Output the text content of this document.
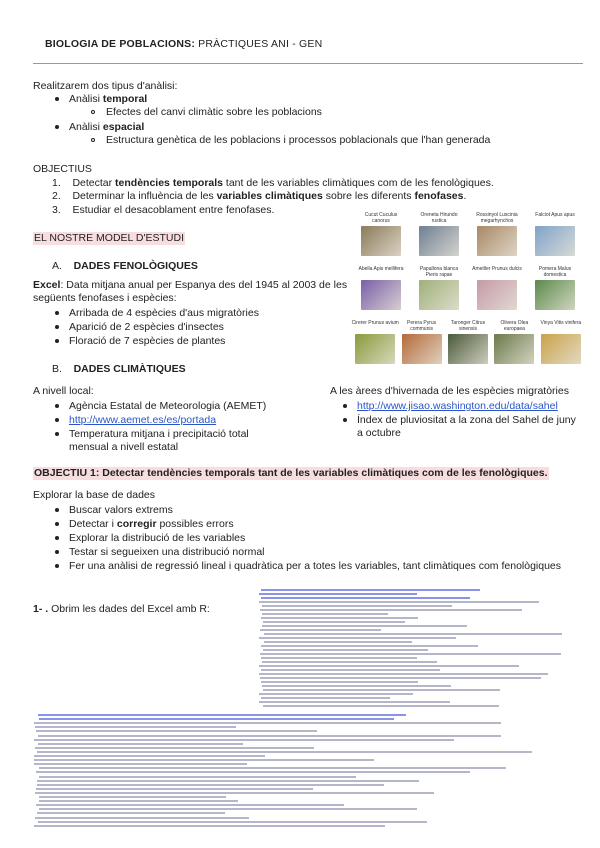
BIOLOGIA DE POBLACIONS: PRÀCTIQUES ANI - GEN
Realitzarem dos tipus d'anàlisi:
Anàlisi temporal
Efectes del canvi climàtic sobre les poblacions
Anàlisi espacial
Estructura genètica de les poblacions i processos poblacionals que l'han generada
OBJECTIUS
1. Detectar tendències temporals tant de les variables climàtiques com de les fenològiques.
2. Determinar la influència de les variables climàtiques sobre les diferents fenofases.
3. Estudiar el desacoblament entre fenofases.
EL NOSTRE MODEL D'ESTUDI
A. DADES FENOLÒGIQUES
Excel: Data mitjana anual per Espanya des del 1945 al 2003 de les
següents fenofases i espècies:
Arribada de 4 espècies d'aus migratòries
Aparició de 2 espècies d'insectes
Floració de 7 espècies de plantes
B. DADES CLIMÀTIQUES
A nivell local:
Agència Estatal de Meteorologia (AEMET)
http://www.aemet.es/es/portada
Temperatura mitjana i precipitació total
mensual a nivell estatal
A les àrees d'hivernada de les espècies migratòries
http://www.jisao.washington.edu/data/sahel
Índex de pluviositat a la zona del Sahel de juny
a octubre
Cucut Cuculus canorus
Oreneta Hirundo rustica
Rossinyol Luscinia megarhynchos
Falciot Apus apus
Abella Apis mellifera	Papallona blanca Pieris rapae
Ametller Prunus dulcis	Pomera Malus domestica
Cirerer Prunus avium	Perera Pyrus communis
Taronger Citrus sinensis
Olivera Olea europaea
Vinya Vitis vinifera
OBJECTIU 1: Detectar tendències temporals tant de les variables climàtiques com de les fenològiques.
Explorar la base de dades
Buscar valors extrems
Detectar i corregir possibles errors
Explorar la distribució de les variables
Testar si segueixen una distribució normal
Fer una anàlisi de regressió lineal i quadràtica per a totes les variables, tant climàtiques com fenològiques
1- . Obrim les dades del Excel amb R:
